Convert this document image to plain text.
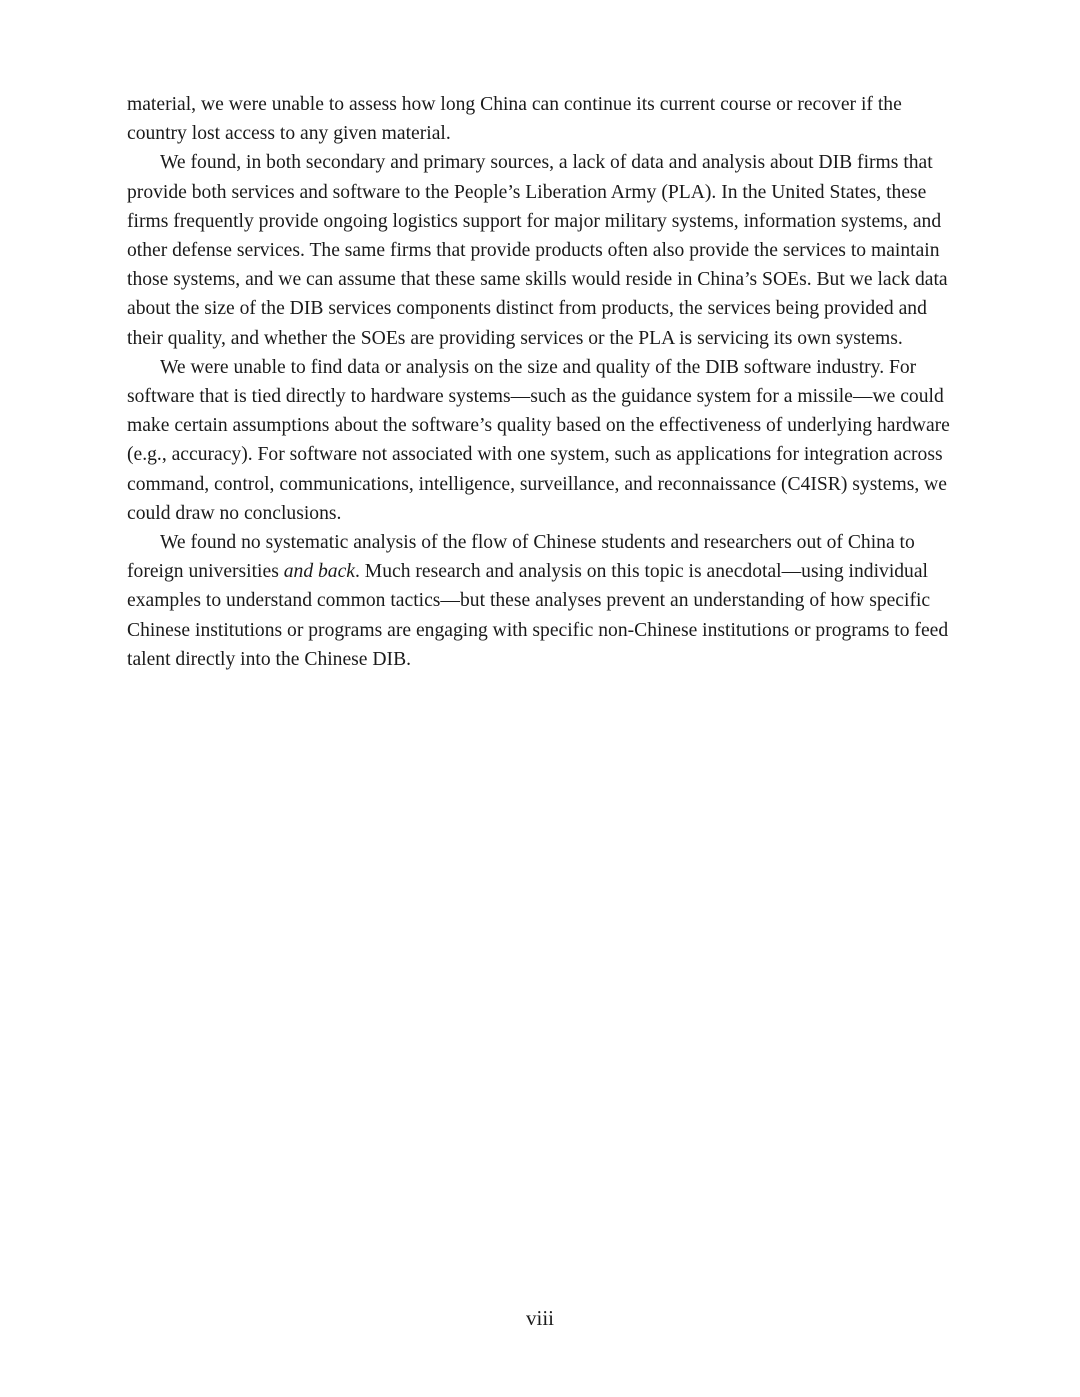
material, we were unable to assess how long China can continue its current course or recover if the country lost access to any given material.

We found, in both secondary and primary sources, a lack of data and analysis about DIB firms that provide both services and software to the People’s Liberation Army (PLA). In the United States, these firms frequently provide ongoing logistics support for major military systems, information systems, and other defense services. The same firms that provide products often also provide the services to maintain those systems, and we can assume that these same skills would reside in China’s SOEs. But we lack data about the size of the DIB services components distinct from products, the services being provided and their quality, and whether the SOEs are providing services or the PLA is servicing its own systems.

We were unable to find data or analysis on the size and quality of the DIB software industry. For software that is tied directly to hardware systems—such as the guidance system for a missile—we could make certain assumptions about the software’s quality based on the effectiveness of underlying hardware (e.g., accuracy). For software not associated with one system, such as applications for integration across command, control, communications, intelligence, surveillance, and reconnaissance (C4ISR) systems, we could draw no conclusions.

We found no systematic analysis of the flow of Chinese students and researchers out of China to foreign universities and back. Much research and analysis on this topic is anecdotal—using individual examples to understand common tactics—but these analyses prevent an understanding of how specific Chinese institutions or programs are engaging with specific non-Chinese institutions or programs to feed talent directly into the Chinese DIB.

viii
